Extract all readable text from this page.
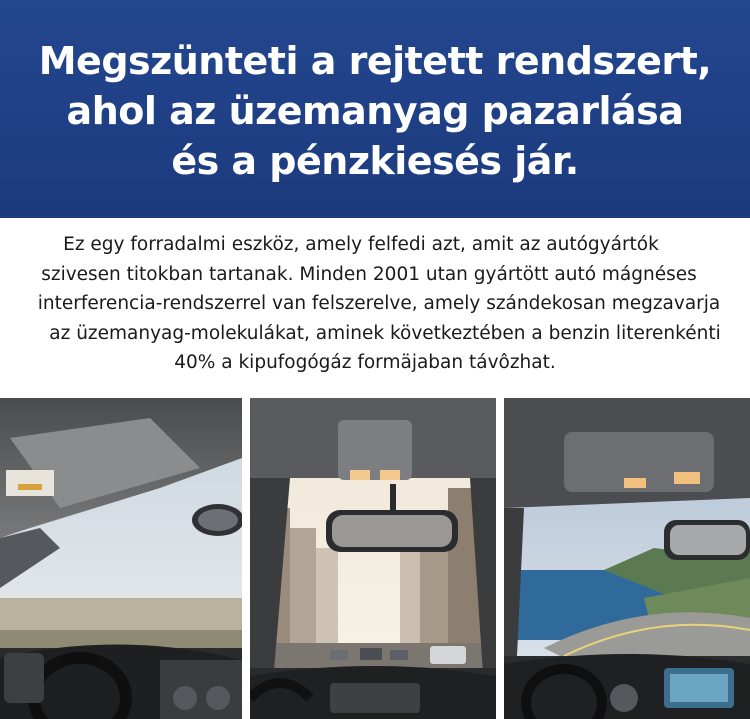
Megszünteti a rejtett rendszert,
ahol az üzemanyag pazarlása
és a pénzkiesés jár.
Ez egy forradalmi eszköz, amely felfedi azt, amit az autógyártók
szivesen titokban tartanak. Minden 2001 utan gyártött autó mágnéses
interferencia-rendszerrel van felszerelve, amely szándekosan megzavarja
az üzemanyag-molekulákat, aminek következtében a benzin literenkénti
40% a kipufogógáz formäjaban távôzhat.
